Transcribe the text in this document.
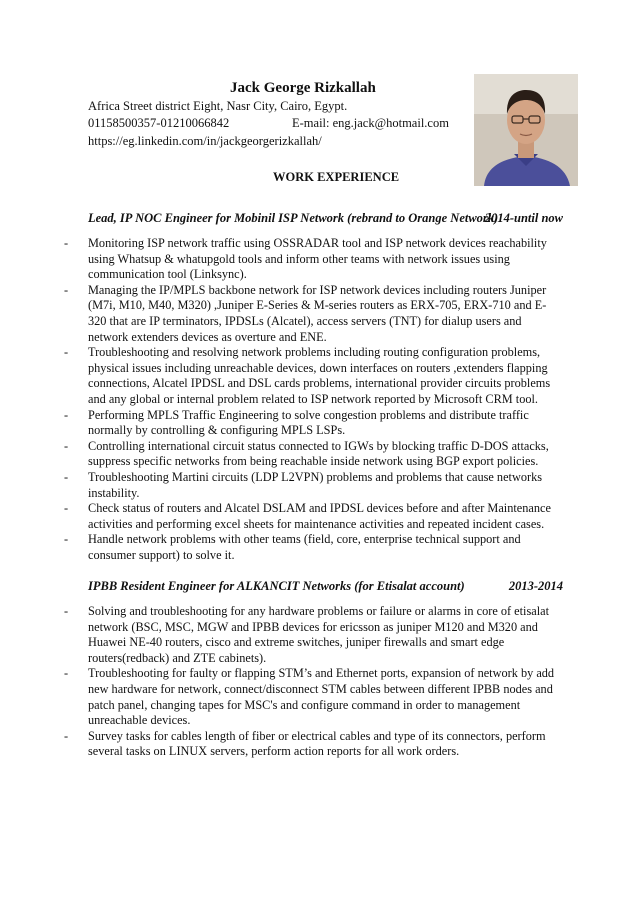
Jack George Rizkallah
Africa Street district Eight, Nasr City, Cairo, Egypt.
01158500357-01210066842	E-mail: eng.jack@hotmail.com
https://eg.linkedin.com/in/jackgeorgerizkallah/
WORK EXPERIENCE
Lead, IP NOC Engineer for Mobinil ISP Network (rebrand to Orange Network)
2014-until now
- Monitoring ISP network traffic using OSSRADAR tool and ISP network devices reachability using Whatsup & whatupgold tools and inform other teams with network issues using communication tool (Linksync).
- Managing the IP/MPLS backbone network for ISP network devices including routers Juniper (M7i, M10, M40, M320) ,Juniper E-Series & M-series routers as ERX-705, ERX-710 and E-320 that are IP terminators, IPDSLs (Alcatel), access servers (TNT) for dialup users and network extenders devices as overture and ENE.
- Troubleshooting and resolving network problems including routing configuration problems, physical issues including unreachable devices, down interfaces on routers ,extenders flapping connections, Alcatel IPDSL and DSL cards problems, international provider circuits problems and any global or internal problem related to ISP network reported by Microsoft CRM tool.
- Performing MPLS Traffic Engineering to solve congestion problems and distribute traffic normally by controlling & configuring MPLS LSPs.
- Controlling international circuit status connected to IGWs by blocking traffic D-DOS attacks, suppress specific networks from being reachable inside network using BGP export policies.
- Troubleshooting Martini circuits (LDP L2VPN) problems and problems that cause networks instability.
- Check status of routers and Alcatel DSLAM and IPDSL devices before and after Maintenance activities and performing excel sheets for maintenance activities and repeated incident cases.
- Handle network problems with other teams (field, core, enterprise technical support and consumer support) to solve it.
IPBB Resident Engineer for ALKANCIT Networks (for Etisalat account)	2013-2014
- Solving and troubleshooting for any hardware problems or failure or alarms in core of etisalat network (BSC, MSC, MGW and IPBB devices for ericsson as juniper M120 and M320 and Huawei NE-40 routers, cisco and extreme switches, juniper firewalls and smart edge routers(redback) and ZTE cabinets).
- Troubleshooting for faulty or flapping STM’s and Ethernet ports, expansion of network by add new hardware for network, connect/disconnect STM cables between different IPBB nodes and patch panel, changing tapes for MSC's and configure command in order to management unreachable devices.
- Survey tasks for cables length of fiber or electrical cables and type of its connectors, perform several tasks on LINUX servers, perform action reports for all work orders.
